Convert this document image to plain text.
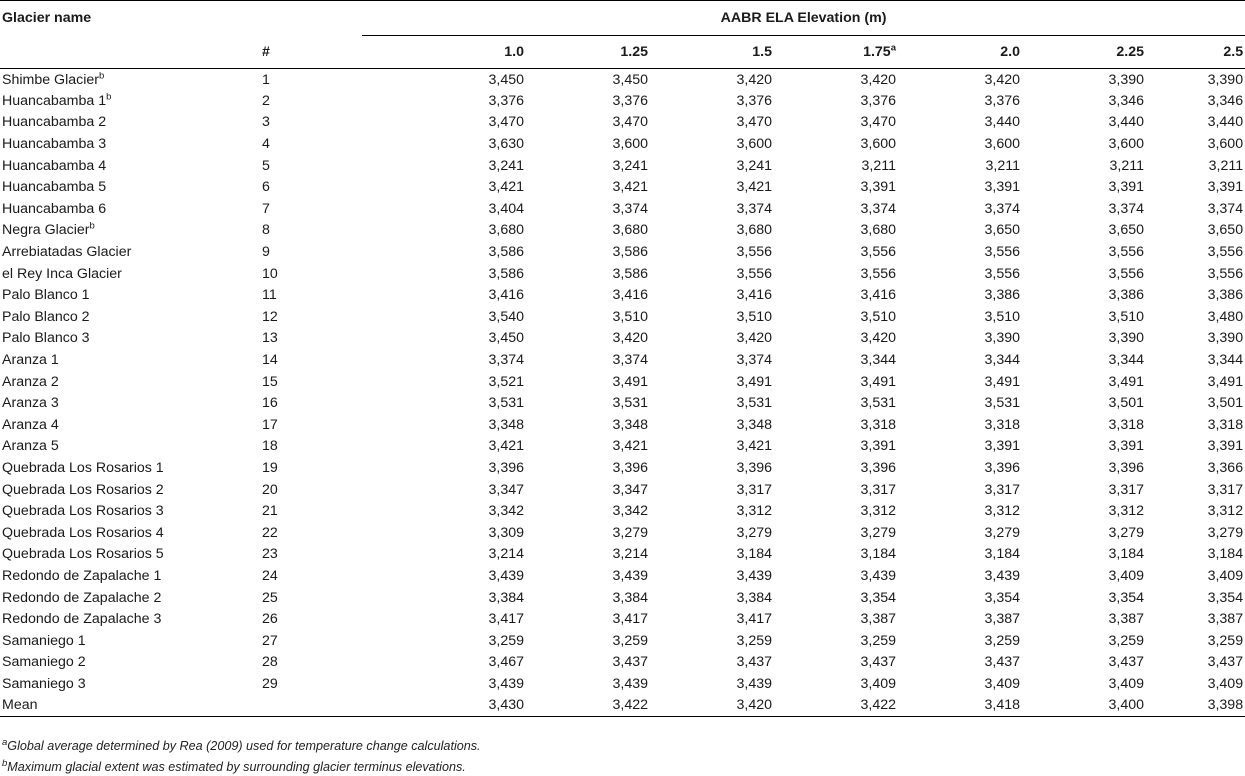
Glacier name		AABR ELA Elevation (m)						
	#	1.0	1.25	1.5	1.75$^a$	2.0	2.25	2.5
Shimbe Glacier$^b$	1	3,450	3,450	3,420	3,420	3,420	3,390	3,390
Huancabamba 1$^b$	2	3,376	3,376	3,376	3,376	3,376	3,346	3,346
Huancabamba 2	3	3,470	3,470	3,470	3,470	3,440	3,440	3,440
Huancabamba 3	4	3,630	3,600	3,600	3,600	3,600	3,600	3,600
Huancabamba 4	5	3,241	3,241	3,241	3,211	3,211	3,211	3,211
Huancabamba 5	6	3,421	3,421	3,421	3,391	3,391	3,391	3,391
Huancabamba 6	7	3,404	3,374	3,374	3,374	3,374	3,374	3,374
Negra Glacier$^b$	8	3,680	3,680	3,680	3,680	3,650	3,650	3,650
Arrebiatadas Glacier	9	3,586	3,586	3,556	3,556	3,556	3,556	3,556
el Rey Inca Glacier	10	3,586	3,586	3,556	3,556	3,556	3,556	3,556
Palo Blanco 1	11	3,416	3,416	3,416	3,416	3,386	3,386	3,386
Palo Blanco 2	12	3,540	3,510	3,510	3,510	3,510	3,510	3,480
Palo Blanco 3	13	3,450	3,420	3,420	3,420	3,390	3,390	3,390
Aranza 1	14	3,374	3,374	3,374	3,344	3,344	3,344	3,344
Aranza 2	15	3,521	3,491	3,491	3,491	3,491	3,491	3,491
Aranza 3	16	3,531	3,531	3,531	3,531	3,531	3,501	3,501
Aranza 4	17	3,348	3,348	3,348	3,318	3,318	3,318	3,318
Aranza 5	18	3,421	3,421	3,421	3,391	3,391	3,391	3,391
Quebrada Los Rosarios 1	19	3,396	3,396	3,396	3,396	3,396	3,396	3,366
Quebrada Los Rosarios 2	20	3,347	3,347	3,317	3,317	3,317	3,317	3,317
Quebrada Los Rosarios 3	21	3,342	3,342	3,312	3,312	3,312	3,312	3,312
Quebrada Los Rosarios 4	22	3,309	3,279	3,279	3,279	3,279	3,279	3,279
Quebrada Los Rosarios 5	23	3,214	3,214	3,184	3,184	3,184	3,184	3,184
Redondo de Zapalache 1	24	3,439	3,439	3,439	3,439	3,439	3,409	3,409
Redondo de Zapalache 2	25	3,384	3,384	3,384	3,354	3,354	3,354	3,354
Redondo de Zapalache 3	26	3,417	3,417	3,417	3,387	3,387	3,387	3,387
Samaniego 1	27	3,259	3,259	3,259	3,259	3,259	3,259	3,259
Samaniego 2	28	3,467	3,437	3,437	3,437	3,437	3,437	3,437
Samaniego 3	29	3,439	3,439	3,439	3,409	3,409	3,409	3,409
Mean		3,430	3,422	3,420	3,422	3,418	3,400	3,398
$^a$Global average determined by Rea (2009) used for temperature change calculations.
$^b$Maximum glacial extent was estimated by surrounding glacier terminus elevations.
